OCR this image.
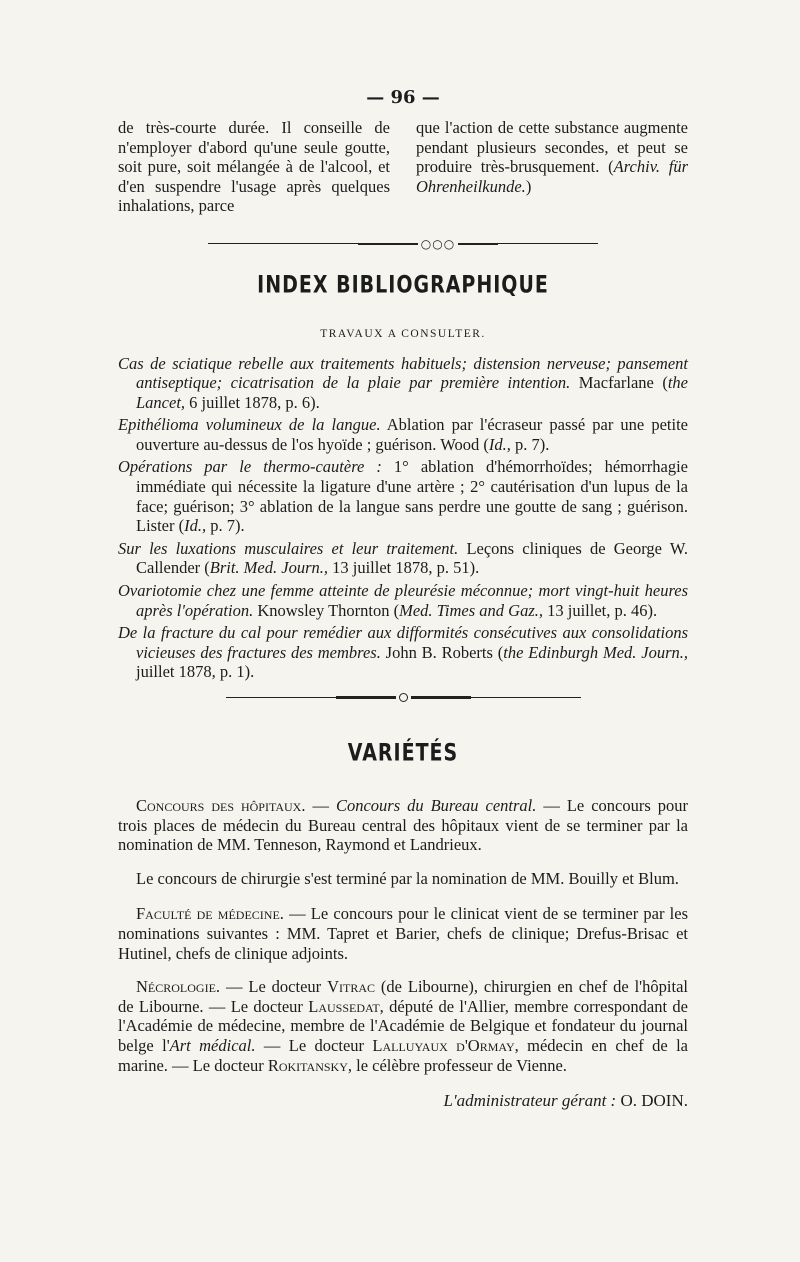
— 96 —

de très-courte durée. Il conseille de n'employer d'abord qu'une seule goutte, soit pure, soit mélangée à de l'alcool, et d'en suspendre l'usage après quelques inhalations, parce

que l'action de cette substance augmente pendant plusieurs secondes, et peut se produire très-brusquement. (Archiv. für Ohrenheilkunde.)

○○○
INDEX BIBLIOGRAPHIQUE
TRAVAUX A CONSULTER.

Cas de sciatique rebelle aux traitements habituels; distension nerveuse; pansement antiseptique; cicatrisation de la plaie par première intention. Macfarlane (the Lancet, 6 juillet 1878, p. 6).

Epithélioma volumineux de la langue. Ablation par l'écraseur passé par une petite ouverture au-dessus de l'os hyoïde ; guérison. Wood (Id., p. 7).

Opérations par le thermo-cautère : 1° ablation d'hémorrhoïdes; hémorrhagie immédiate qui nécessite la ligature d'une artère ; 2° cautérisation d'un lupus de la face; guérison; 3° ablation de la langue sans perdre une goutte de sang ; guérison. Lister (Id., p. 7).

Sur les luxations musculaires et leur traitement. Leçons cliniques de George W. Callender (Brit. Med. Journ., 13 juillet 1878, p. 51).

Ovariotomie chez une femme atteinte de pleurésie méconnue; mort vingt-huit heures après l'opération. Knowsley Thornton (Med. Times and Gaz., 13 juillet, p. 46).

De la fracture du cal pour remédier aux difformités consécutives aux consolidations vicieuses des fractures des membres. John B. Roberts (the Edinburgh Med. Journ., juillet 1878, p. 1).

VARIÉTÉS

Concours des hôpitaux. — Concours du Bureau central. — Le concours pour trois places de médecin du Bureau central des hôpitaux vient de se terminer par la nomination de MM. Tenneson, Raymond et Landrieux.

Le concours de chirurgie s'est terminé par la nomination de MM. Bouilly et Blum.

Faculté de médecine. — Le concours pour le clinicat vient de se terminer par les nominations suivantes : MM. Tapret et Barier, chefs de clinique; Drefus-Brisac et Hutinel, chefs de clinique adjoints.

Nécrologie. — Le docteur Vitrac (de Libourne), chirurgien en chef de l'hôpital de Libourne. — Le docteur Laussedat, député de l'Allier, membre correspondant de l'Académie de médecine, membre de l'Académie de Belgique et fondateur du journal belge l'Art médical. — Le docteur Lalluyaux d'Ormay, médecin en chef de la marine. — Le docteur Rokitansky, le célèbre professeur de Vienne.

L'administrateur gérant : O. DOIN.
